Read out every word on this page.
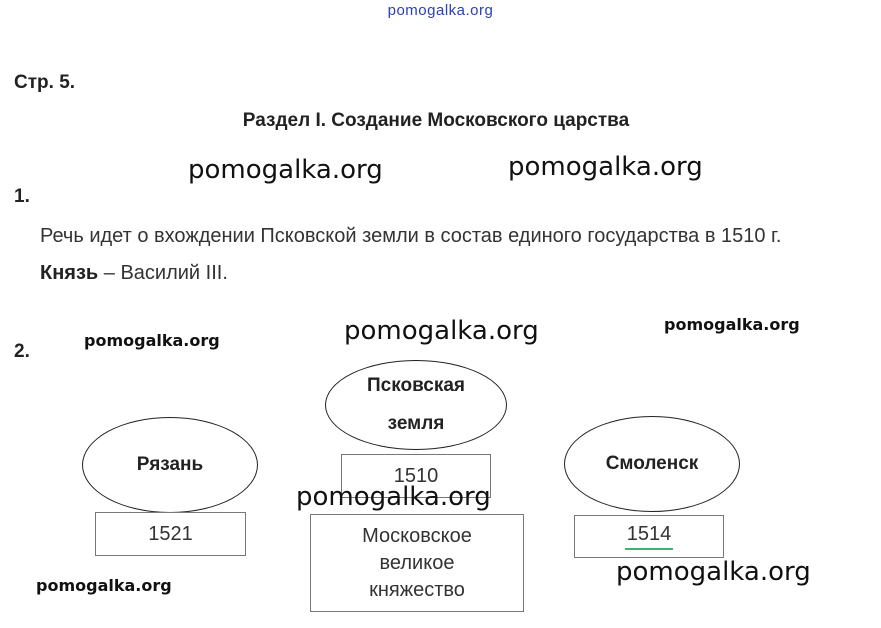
pomogalka.org
Стр. 5.
Раздел I. Создание Московского царства
pomogalka.org	pomogalka.org
1.
Речь идет о вхождении Псковской земли в состав единого государства в 1510 г.
Князь – Василий III.
2.
pomogalka.org	pomogalka.org	pomogalka.org
Псковская
земля
1510
Рязань
1521
Смоленск
1514
Московское
великое
княжество
pomogalka.org
pomogalka.org	pomogalka.org
